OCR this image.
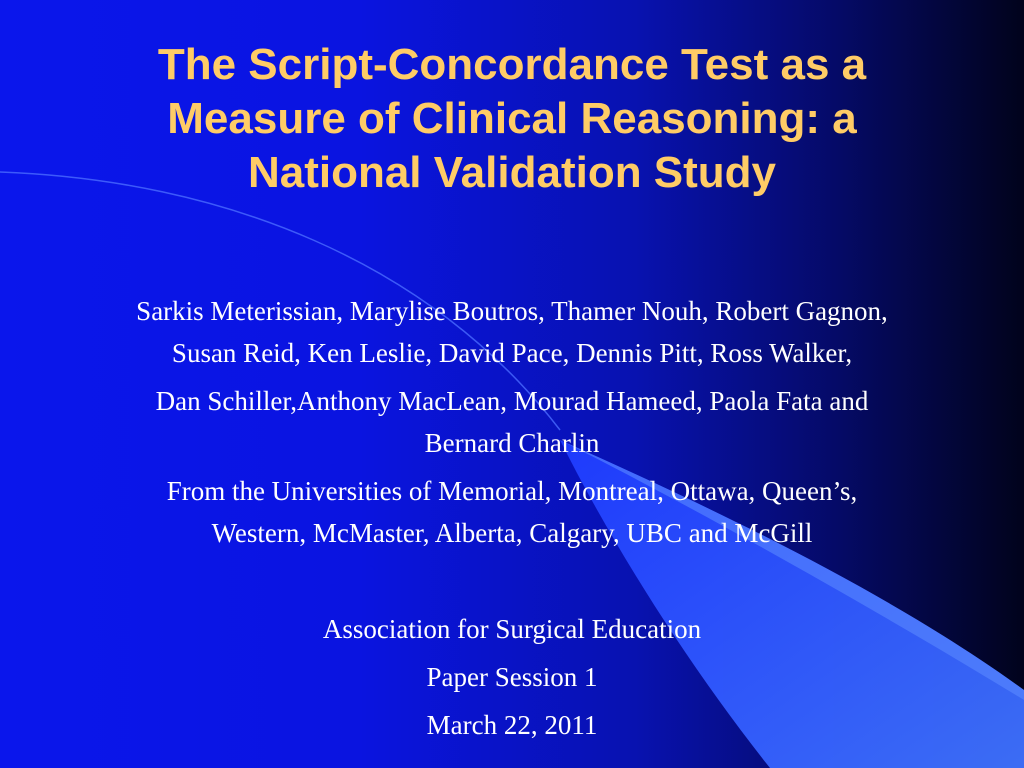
The Script-Concordance Test as a
Measure of Clinical Reasoning: a
National Validation Study

Sarkis Meterissian, Marylise Boutros, Thamer Nouh, Robert Gagnon,

Susan Reid, Ken Leslie, David Pace, Dennis Pitt, Ross Walker,

Dan Schiller,Anthony MacLean, Mourad Hameed, Paola Fata and

Bernard Charlin

From the Universities of Memorial, Montreal, Ottawa, Queen’s,

Western, McMaster, Alberta, Calgary, UBC and McGill

Association for Surgical Education

Paper Session 1

March 22, 2011
